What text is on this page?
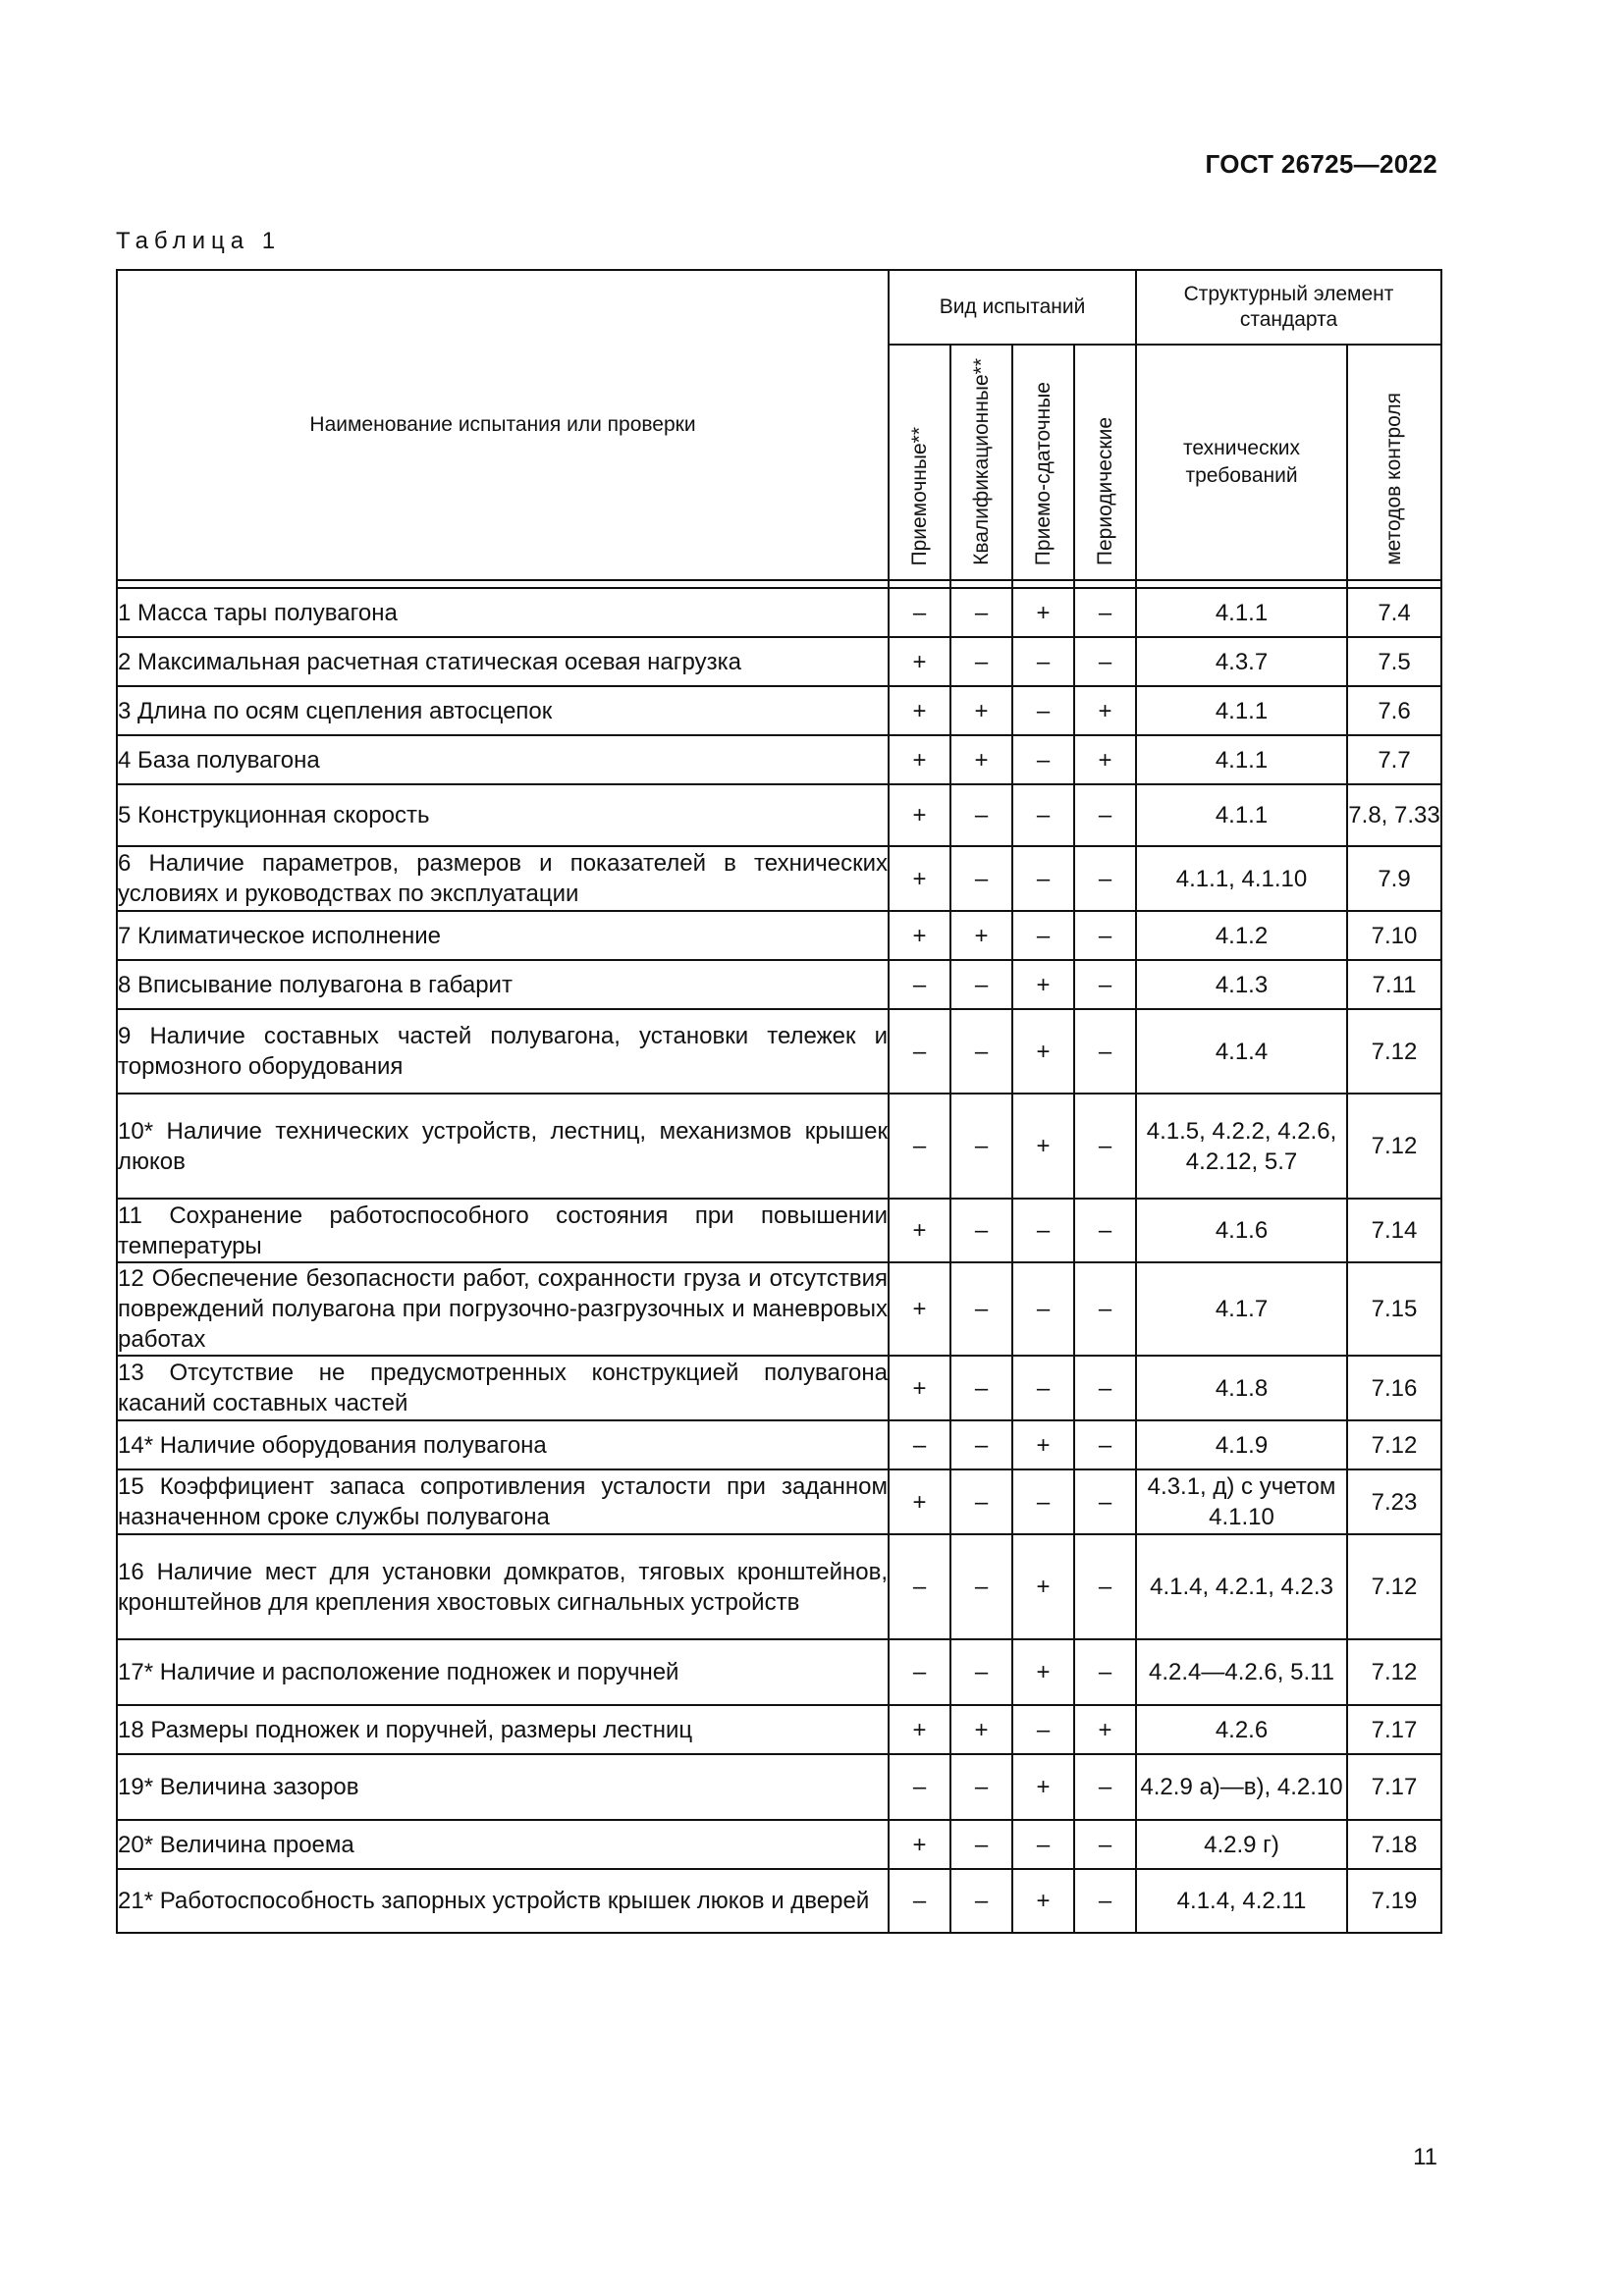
ГОСТ 26725—2022
Таблица 1
Наименование испытания или проверки	Вид испытаний				Структурный элемент стандарта	
	Приемочные**	Квалификационные**	Приемо-сдаточные	Периодические	технических требований	методов контроля

1 Масса тары полувагона	–	–	+	–	4.1.1	7.4
2 Максимальная расчетная статическая осевая нагрузка	+	–	–	–	4.3.7	7.5
3 Длина по осям сцепления автосцепок	+	+	–	+	4.1.1	7.6
4 База полувагона	+	+	–	+	4.1.1	7.7
5 Конструкционная скорость	+	–	–	–	4.1.1	7.8, 7.33
6 Наличие параметров, размеров и показателей в технических условиях и руководствах по эксплуатации	+	–	–	–	4.1.1, 4.1.10	7.9
7 Климатическое исполнение	+	+	–	–	4.1.2	7.10
8 Вписывание полувагона в габарит	–	–	+	–	4.1.3	7.11
9 Наличие составных частей полувагона, установки тележек и тормозного оборудования	–	–	+	–	4.1.4	7.12
10* Наличие технических устройств, лестниц, механизмов крышек люков	–	–	+	–	4.1.5, 4.2.2, 4.2.6, 4.2.12, 5.7	7.12
11 Сохранение работоспособного состояния при повышении температуры	+	–	–	–	4.1.6	7.14
12 Обеспечение безопасности работ, сохранности груза и отсутствия повреждений полувагона при погрузочно-разгрузочных и маневровых работах	+	–	–	–	4.1.7	7.15
13 Отсутствие не предусмотренных конструкцией полувагона касаний составных частей	+	–	–	–	4.1.8	7.16
14* Наличие оборудования полувагона	–	–	+	–	4.1.9	7.12
15 Коэффициент запаса сопротивления усталости при заданном назначенном сроке службы полувагона	+	–	–	–	4.3.1, д) с учетом 4.1.10	7.23
16 Наличие мест для установки домкратов, тяговых кронштейнов, кронштейнов для крепления хвостовых сигнальных устройств	–	–	+	–	4.1.4, 4.2.1, 4.2.3	7.12
17* Наличие и расположение подножек и поручней	–	–	+	–	4.2.4—4.2.6, 5.11	7.12
18 Размеры подножек и поручней, размеры лестниц	+	+	–	+	4.2.6	7.17
19* Величина зазоров	–	–	+	–	4.2.9 а)—в), 4.2.10	7.17
20* Величина проема	+	–	–	–	4.2.9 г)	7.18
21* Работоспособность запорных устройств крышек люков и дверей	–	–	+	–	4.1.4, 4.2.11	7.19
11
